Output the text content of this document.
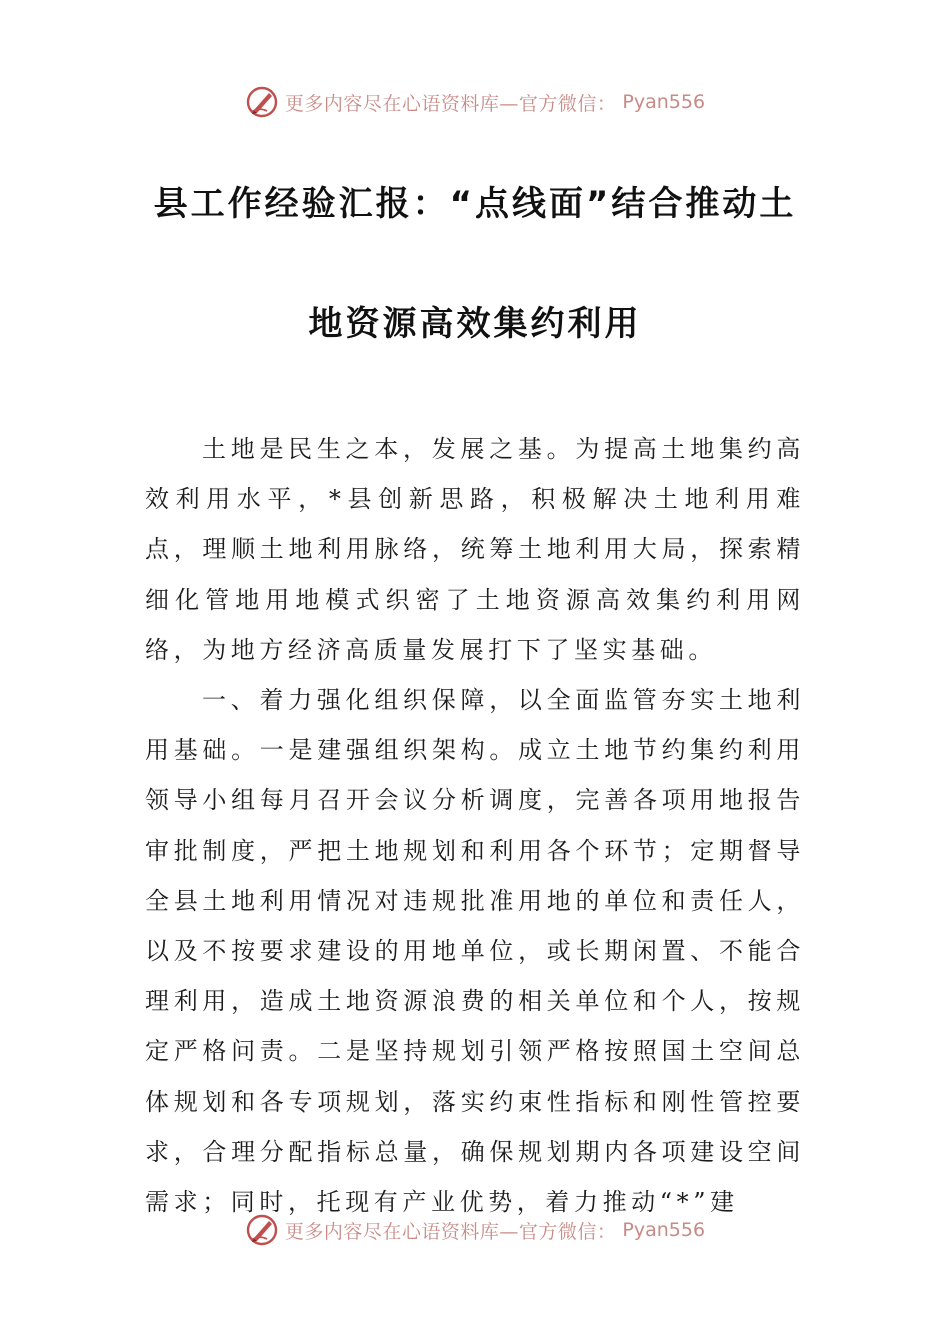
更多内容尽在心语资料库—官方微信： Pyan556
县工作经验汇报：“点线面”结合推动土
地资源高效集约利用

土地是民生之本，发展之基。为提高土地集约高效利用水平，*县创新思路，积极解决土地利用难点，理顺土地利用脉络，统筹土地利用大局，探索精细化管地用地模式织密了土地资源高效集约利用网络，为地方经济高质量发展打下了坚实基础。

一、着力强化组织保障，以全面监管夯实土地利用基础。一是建强组织架构。成立土地节约集约利用领导小组每月召开会议分析调度，完善各项用地报告审批制度，严把土地规划和利用各个环节；定期督导全县土地利用情况对违规批准用地的单位和责任人，以及不按要求建设的用地单位，或长期闲置、不能合理利用，造成土地资源浪费的相关单位和个人，按规定严格问责。二是坚持规划引领严格按照国土空间总体规划和各专项规划，落实约束性指标和刚性管控要求，合理分配指标总量，确保规划期内各项建设空间需求；同时，托现有产业优势，着力推动“*”建

更多内容尽在心语资料库—官方微信： Pyan556
